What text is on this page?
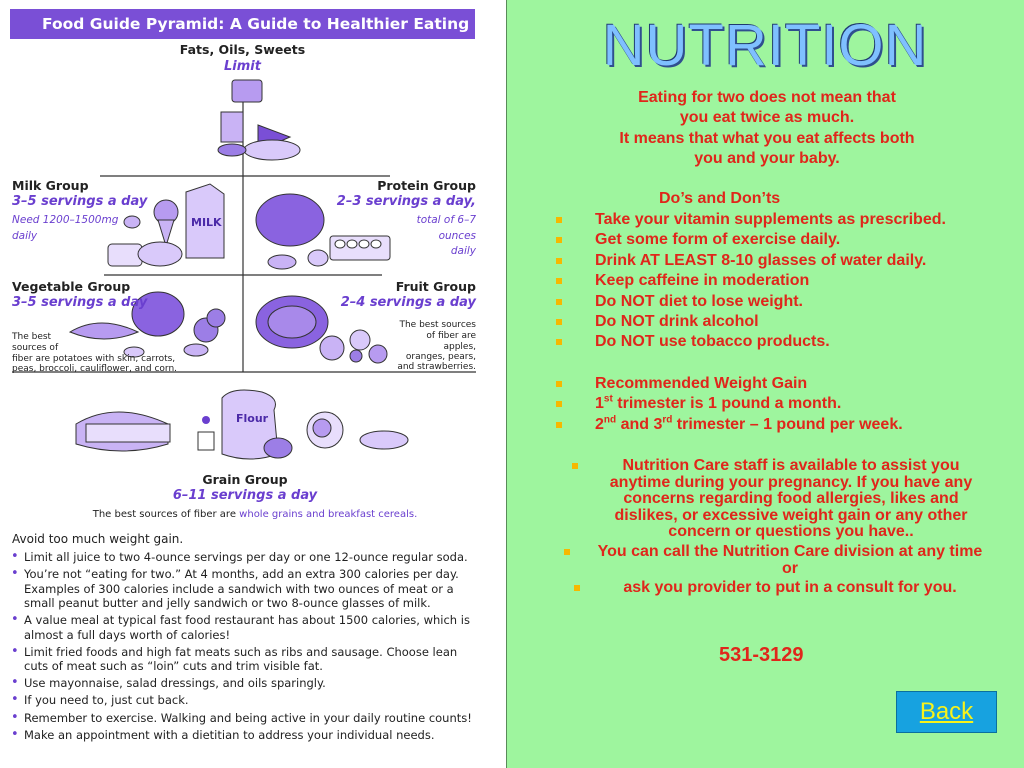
Food Guide Pyramid: A Guide to Healthier Eating
MILK
Flour
Fats, Oils, Sweets
Limit
Milk Group
3–5 servings a day
Need 1200–1500mg
daily
Protein Group
2–3 servings a day,
total of 6–7
ounces
daily
Vegetable Group
3–5 servings a day
The best
sources of
fiber are potatoes with skin, carrots,
peas, broccoli, cauliflower, and corn.
Fruit Group
2–4 servings a day
The best sources
of fiber are
apples,
oranges, pears,
and strawberries.
Grain Group
6–11 servings a day
The best sources of fiber are whole grains and breakfast cereals.
Avoid too much weight gain.
• Limit all juice to two 4-ounce servings per day or one 12-ounce regular soda.
• You’re not “eating for two.” At 4 months, add an extra 300 calories per day. Examples of 300 calories include a sandwich with two ounces of meat or a small peanut butter and jelly sandwich or two 8-ounce glasses of milk.
• A value meal at typical fast food restaurant has about 1500 calories, which is almost a full days worth of calories!
• Limit fried foods and high fat meats such as ribs and sausage. Choose lean cuts of meat such as “loin” cuts and trim visible fat.
• Use mayonnaise, salad dressings, and oils sparingly.
• If you need to, just cut back.
• Remember to exercise. Walking and being active in your daily routine counts!
• Make an appointment with a dietitian to address your individual needs.
NUTRITION
Eating for two does not mean that
you eat twice as much.
It means that what you eat affects both
you and your baby.
Do’s and Don’ts
Take your vitamin supplements as prescribed.
Get some form of exercise daily.
Drink AT LEAST 8-10 glasses of water daily.
Keep caffeine in moderation
Do NOT diet to lose weight.
Do NOT drink alcohol
Do NOT use tobacco products.
Recommended Weight Gain
1st trimester is 1 pound a month.
2nd and 3rd trimester – 1 pound per week.
Nutrition Care staff is available to assist you anytime during your pregnancy. If you have any concerns regarding food allergies, likes and dislikes, or excessive weight gain or any other concern or questions you have..
You can call the Nutrition Care division at any time or
ask you provider to put in a consult for you.
531-3129
Back
